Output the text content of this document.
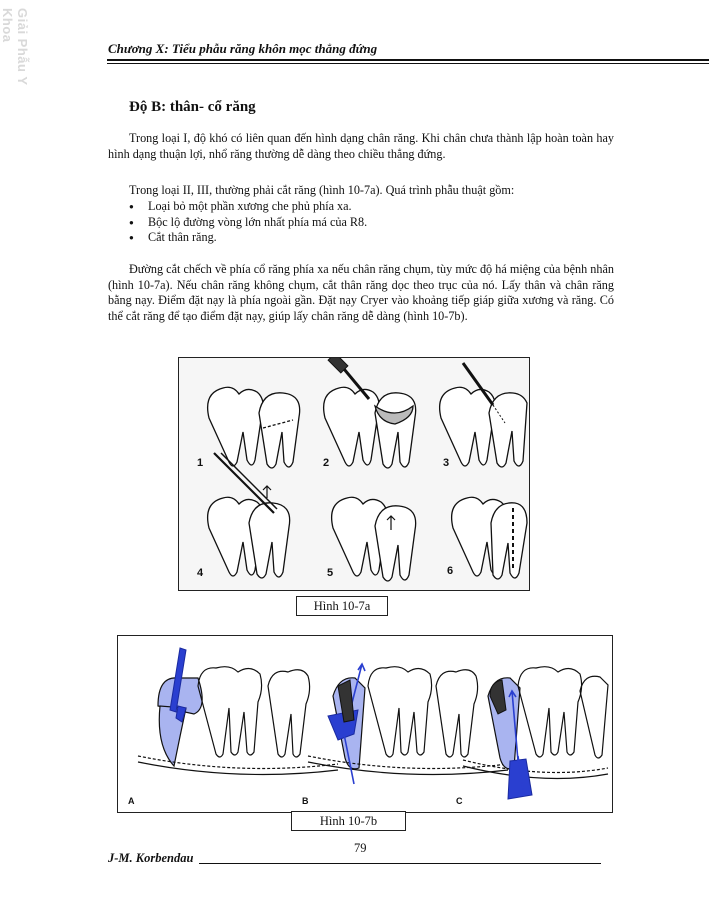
Giải Phẫu Y Khoa
Chương X: Tiểu phẫu răng khôn mọc thẳng đứng
Độ B: thân- cổ răng

Trong loại I, độ khó có liên quan đến hình dạng chân răng. Khi chân chưa thành lập hoàn toàn hay hình dạng thuận lợi, nhổ răng thường dễ dàng theo chiều thẳng đứng.

Trong loại II, III, thường phải cắt răng (hình 10-7a). Quá trình phẫu thuật gồm:

● Loại bỏ một phần xương che phủ phía xa.
● Bộc lộ đường vòng lớn nhất phía má của R8.
● Cắt thân răng.

Đường cắt chếch về phía cổ răng phía xa nếu chân răng chụm, tùy mức độ há miệng của bệnh nhân (hình 10-7a). Nếu chân răng không chụm, cắt thân răng dọc theo trục của nó. Lấy thân và chân răng bằng nạy. Điểm đặt nạy là phía ngoài gần. Đặt nạy Cryer vào khoảng tiếp giáp giữa xương và răng. Có thể cắt răng để tạo điểm đặt nạy, giúp lấy chân răng dễ dàng (hình 10-7b).

1	2	3
4	5	6
Hình 10-7a
A	B	C
Hình 10-7b
79
J-M. Korbendau
